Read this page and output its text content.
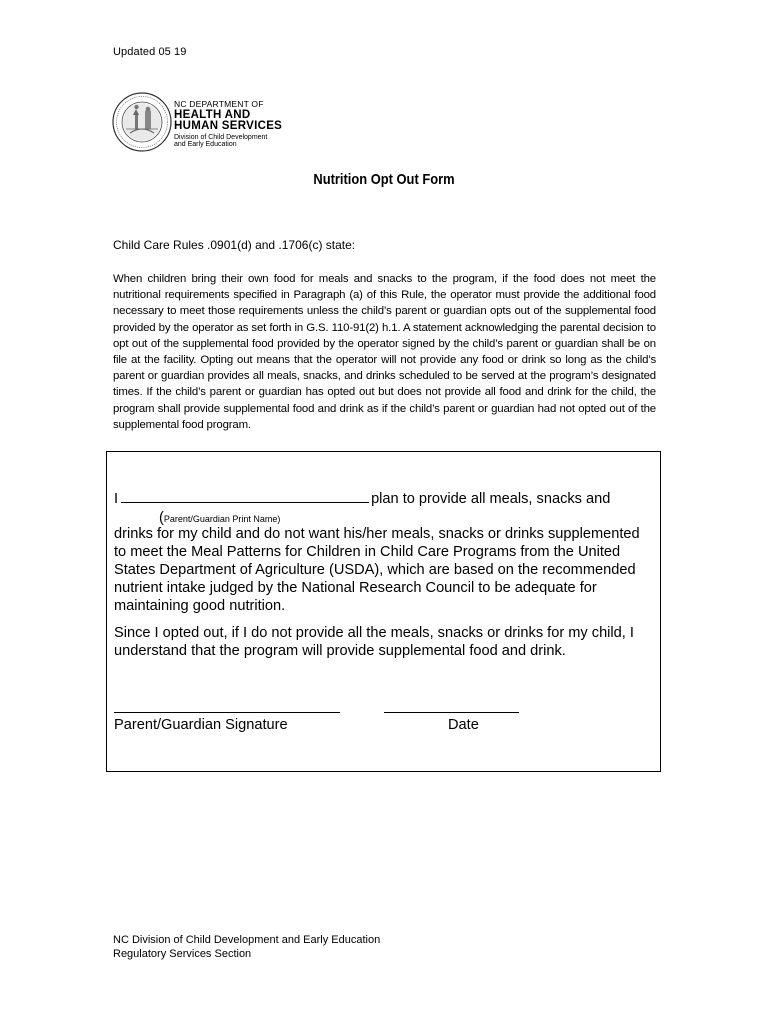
Updated 05 19
NC DEPARTMENT OF
HEALTH AND
HUMAN SERVICES
Division of Child Development
and Early Education
Nutrition Opt Out Form
Child Care Rules .0901(d) and .1706(c) state:
When children bring their own food for meals and snacks to the program, if the food does not meet the nutritional requirements specified in Paragraph (a) of this Rule, the operator must provide the additional food necessary to meet those requirements unless the child’s parent or guardian opts out of the supplemental food provided by the operator as set forth in G.S. 110-91(2) h.1. A statement acknowledging the parental decision to opt out of the supplemental food provided by the operator signed by the child’s parent or guardian shall be on file at the facility. Opting out means that the operator will not provide any food or drink so long as the child’s parent or guardian provides all meals, snacks, and drinks scheduled to be served at the program’s designated times. If the child’s parent or guardian has opted out but does not provide all food and drink for the child, the program shall provide supplemental food and drink as if the child’s parent or guardian had not opted out of the supplemental food program.
I	plan to provide all meals, snacks and
(Parent/Guardian Print Name)
drinks for my child and do not want his/her meals, snacks or drinks supplemented to meet the Meal Patterns for Children in Child Care Programs from the United States Department of Agriculture (USDA), which are based on the recommended nutrient intake judged by the National Research Council to be adequate for maintaining good nutrition.
Since I opted out, if I do not provide all the meals, snacks or drinks for my child, I understand that the program will provide supplemental food and drink.
Parent/Guardian Signature	Date
NC Division of Child Development and Early Education
Regulatory Services Section
